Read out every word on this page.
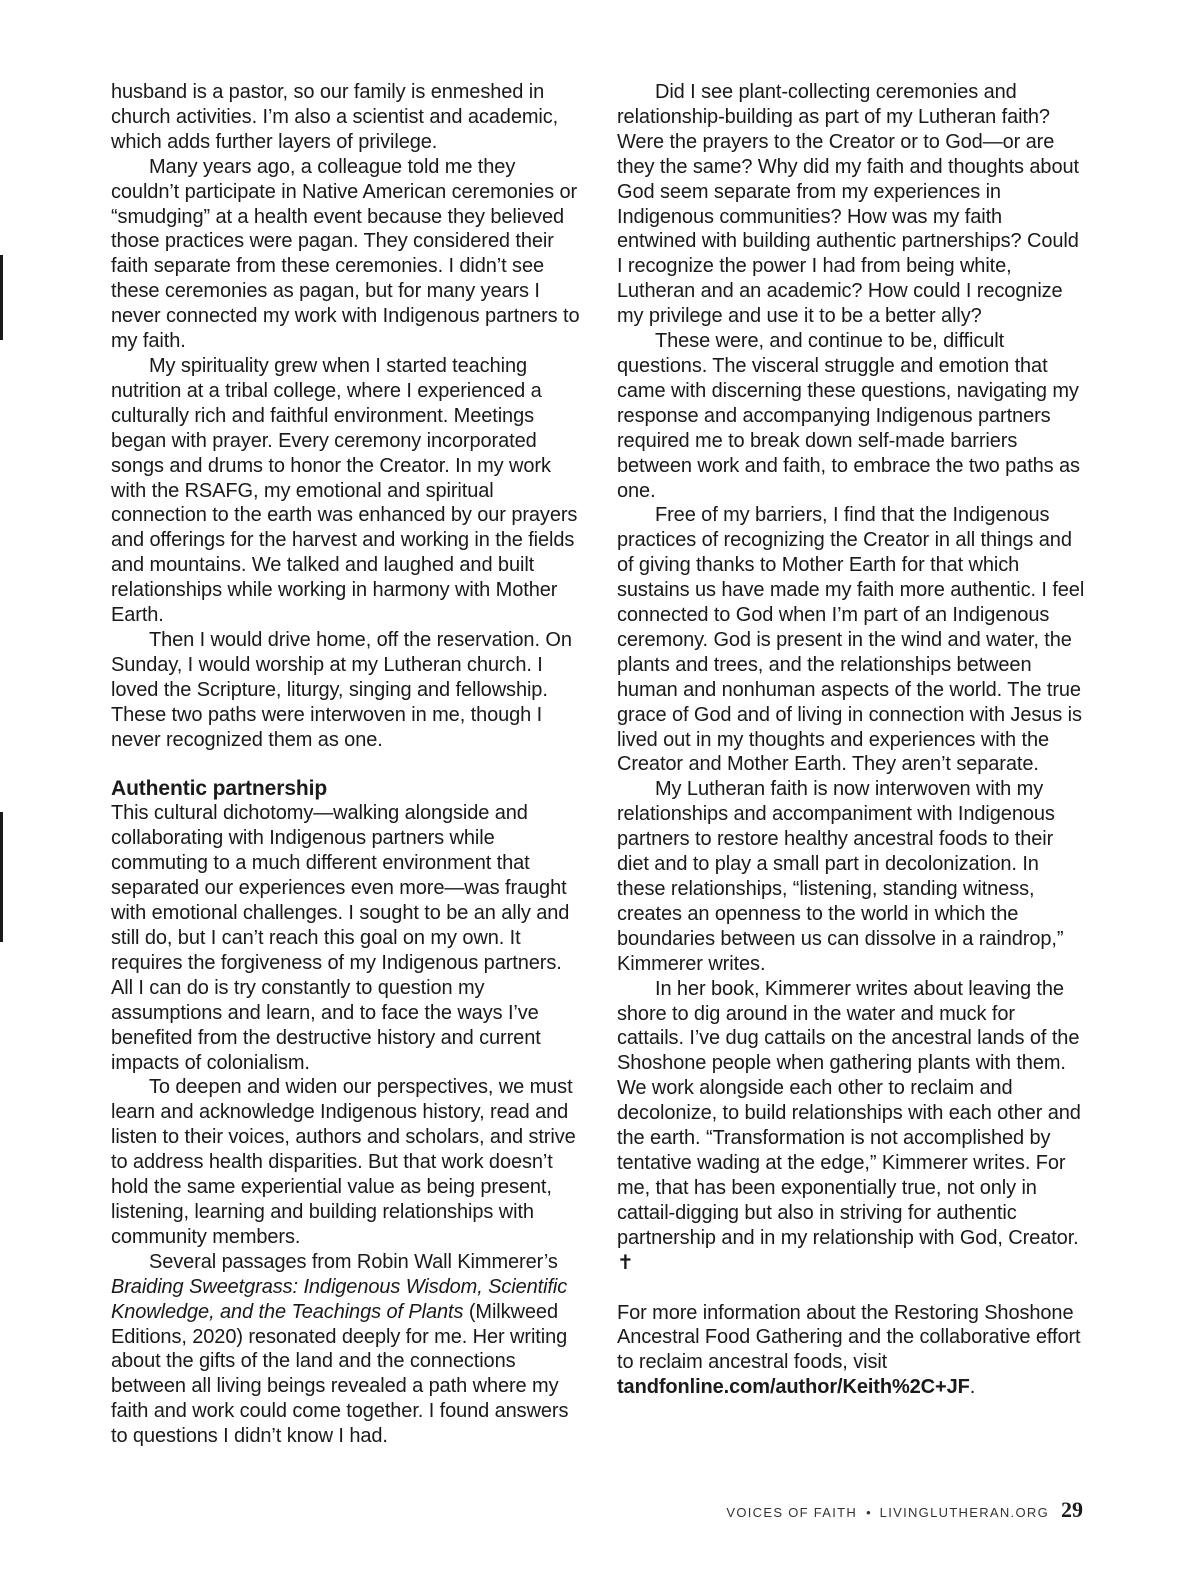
husband is a pastor, so our family is enmeshed in church activities. I’m also a scientist and academic, which adds further layers of privilege.

Many years ago, a colleague told me they couldn’t participate in Native American ceremonies or “smudging” at a health event because they believed those practices were pagan. They considered their faith separate from these ceremonies. I didn’t see these ceremonies as pagan, but for many years I never connected my work with Indigenous partners to my faith.

My spirituality grew when I started teaching nutrition at a tribal college, where I experienced a culturally rich and faithful environment. Meetings began with prayer. Every ceremony incorporated songs and drums to honor the Creator. In my work with the RSAFG, my emotional and spiritual connection to the earth was enhanced by our prayers and offerings for the harvest and working in the fields and mountains. We talked and laughed and built relationships while working in harmony with Mother Earth.

Then I would drive home, off the reservation. On Sunday, I would worship at my Lutheran church. I loved the Scripture, liturgy, singing and fellowship. These two paths were interwoven in me, though I never recognized them as one.

Authentic partnership

This cultural dichotomy—walking alongside and collaborating with Indigenous partners while commuting to a much different environment that separated our experiences even more—was fraught with emotional challenges. I sought to be an ally and still do, but I can’t reach this goal on my own. It requires the forgiveness of my Indigenous partners. All I can do is try constantly to question my assumptions and learn, and to face the ways I’ve benefited from the destructive history and current impacts of colonialism.

To deepen and widen our perspectives, we must learn and acknowledge Indigenous history, read and listen to their voices, authors and scholars, and strive to address health disparities. But that work doesn’t hold the same experiential value as being present, listening, learning and building relationships with community members.

Several passages from Robin Wall Kimmerer’s Braiding Sweetgrass: Indigenous Wisdom, Scientific Knowledge, and the Teachings of Plants (Milkweed Editions, 2020) resonated deeply for me. Her writing about the gifts of the land and the connections between all living beings revealed a path where my faith and work could come together. I found answers to questions I didn’t know I had.

Did I see plant-collecting ceremonies and relationship-building as part of my Lutheran faith? Were the prayers to the Creator or to God—or are they the same? Why did my faith and thoughts about God seem separate from my experiences in Indigenous communities? How was my faith entwined with building authentic partnerships? Could I recognize the power I had from being white, Lutheran and an academic? How could I recognize my privilege and use it to be a better ally?

These were, and continue to be, difficult questions. The visceral struggle and emotion that came with discerning these questions, navigating my response and accompanying Indigenous partners required me to break down self-made barriers between work and faith, to embrace the two paths as one.

Free of my barriers, I find that the Indigenous practices of recognizing the Creator in all things and of giving thanks to Mother Earth for that which sustains us have made my faith more authentic. I feel connected to God when I’m part of an Indigenous ceremony. God is present in the wind and water, the plants and trees, and the relationships between human and nonhuman aspects of the world. The true grace of God and of living in connection with Jesus is lived out in my thoughts and experiences with the Creator and Mother Earth. They aren’t separate.

My Lutheran faith is now interwoven with my relationships and accompaniment with Indigenous partners to restore healthy ancestral foods to their diet and to play a small part in decolonization. In these relationships, “listening, standing witness, creates an openness to the world in which the boundaries between us can dissolve in a raindrop,” Kimmerer writes.

In her book, Kimmerer writes about leaving the shore to dig around in the water and muck for cattails. I’ve dug cattails on the ancestral lands of the Shoshone people when gathering plants with them. We work alongside each other to reclaim and decolonize, to build relationships with each other and the earth. “Transformation is not accomplished by tentative wading at the edge,” Kimmerer writes. For me, that has been exponentially true, not only in cattail-digging but also in striving for authentic partnership and in my relationship with God, Creator. ✝

For more information about the Restoring Shoshone Ancestral Food Gathering and the collaborative effort to reclaim ancestral foods, visit tandfonline.com/author/Keith%2C+JF.

VOICES OF FAITH • LIVINGLUTHERAN.ORG 29
